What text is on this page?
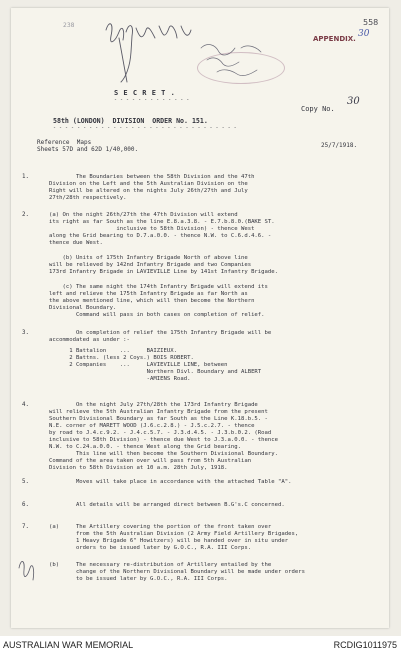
238	558
APPENDIX. 30
S E C R E T .
- - - - - - - - - - - - -
Copy No.
30
58th (LONDON)  DIVISION  ORDER No. 151.
- - - - - - - - - - - - - - - - - - - - - - - - - - - - - - -
Reference  Maps
Sheets 57D and 62D 1/40,000.
25/7/1918.
1.	The Boundaries between the 58th Division and the 47th
Division on the Left and the 5th Australian Division on the
Right will be altered on the nights July 26th/27th and July
27th/28th respectively.
2.	(a) On the night 26th/27th the 47th Division will extend
its right as far South as the line E.8.a.3.8. - E.7.b.8.0.(BAKE ST.
inclusive to 58th Division) - thence West
along the Grid bearing to D.7.a.0.0. - thence N.W. to C.6.d.4.6. -
thence due West.
(b) Units of 175th Infantry Brigade North of above line
will be relieved by 142nd Infantry Brigade and two Companies
173rd Infantry Brigade in LAVIEVILLE Line by 141st Infantry Brigade.
(c) The same night the 174th Infantry Brigade will extend its
left and relieve the 175th Infantry Brigade as far North as
the above mentioned line, which will then become the Northern
Divisional Boundary.
Command will pass in both cases on completion of relief.
3.	On completion of relief the 175th Infantry Brigade will be
accommodated as under :-
1 Battalion    ...     BAIZIEUX.
2 Battns. (less 2 Coys.) BOIS ROBERT.
2 Companies    ...     LAVIEVILLE LINE, between
Northern Divl. Boundary and ALBERT
-AMIENS Road.
4.	On the night July 27th/28th the 173rd Infantry Brigade
will relieve the 5th Australian Infantry Brigade from the present
Southern Divisional Boundary as far South as the Line K.18.b.5. -
N.E. corner of MARETT WOOD (J.6.c.2.8.) - J.5.c.2.7. - thence
by road to J.4.c.9.2. - J.4.c.5.7. - J.3.d.4.5. - J.3.b.0.2. (Road
inclusive to 58th Division) - thence due West to J.3.a.0.0. - thence
N.W. to C.24.a.0.0. - thence West along the Grid bearing.
This line will then become the Southern Divisional Boundary.
Command of the area taken over will pass from 5th Australian
Division to 58th Division at 10 a.m. 28th July, 1918.
5.	Moves will take place in accordance with the attached Table "A".
6.	All details will be arranged direct between B.G's.C concerned.
7.	(a)     The Artillery covering the portion of the front taken over
from the 5th Australian Division (2 Army Field Artillery Brigades,
1 Heavy Brigade 6" Howitzers) will be handed over in situ under
orders to be issued later by G.O.C., R.A. III Corps.
(b)     The necessary re-distribution of Artillery entailed by the
change of the Northern Divisional Boundary will be made under orders
to be issued later by G.O.C., R.A. III Corps.
AUSTRALIAN WAR MEMORIAL	RCDIG1011975
